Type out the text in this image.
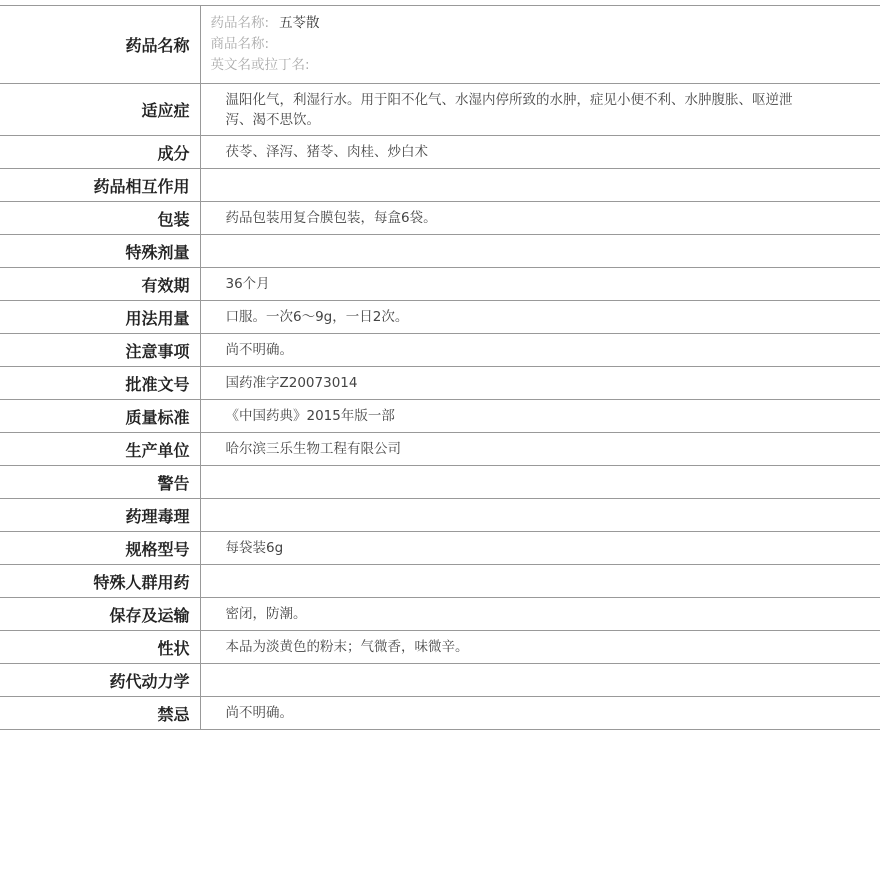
药品名称	药品名称: 五苓散
商品名称:
英文名或拉丁名:

适应症	温阳化气，利湿行水。用于阳不化气、水湿内停所致的水肿，症见小便不利、水肿腹胀、呕逆泄泻、渴不思饮。

成分	茯苓、泽泻、猪苓、肉桂、炒白术
药品相互作用	
包装	药品包装用复合膜包装，每盒6袋。
特殊剂量	
有效期	36个月
用法用量	口服。一次6～9g，一日2次。
注意事项	尚不明确。
批准文号	国药准字Z20073014
质量标准	《中国药典》2015年版一部
生产单位	哈尔滨三乐生物工程有限公司
警告	
药理毒理	
规格型号	每袋装6g
特殊人群用药	
保存及运输	密闭，防潮。
性状	本品为淡黄色的粉末；气微香，味微辛。
药代动力学	
禁忌	尚不明确。
